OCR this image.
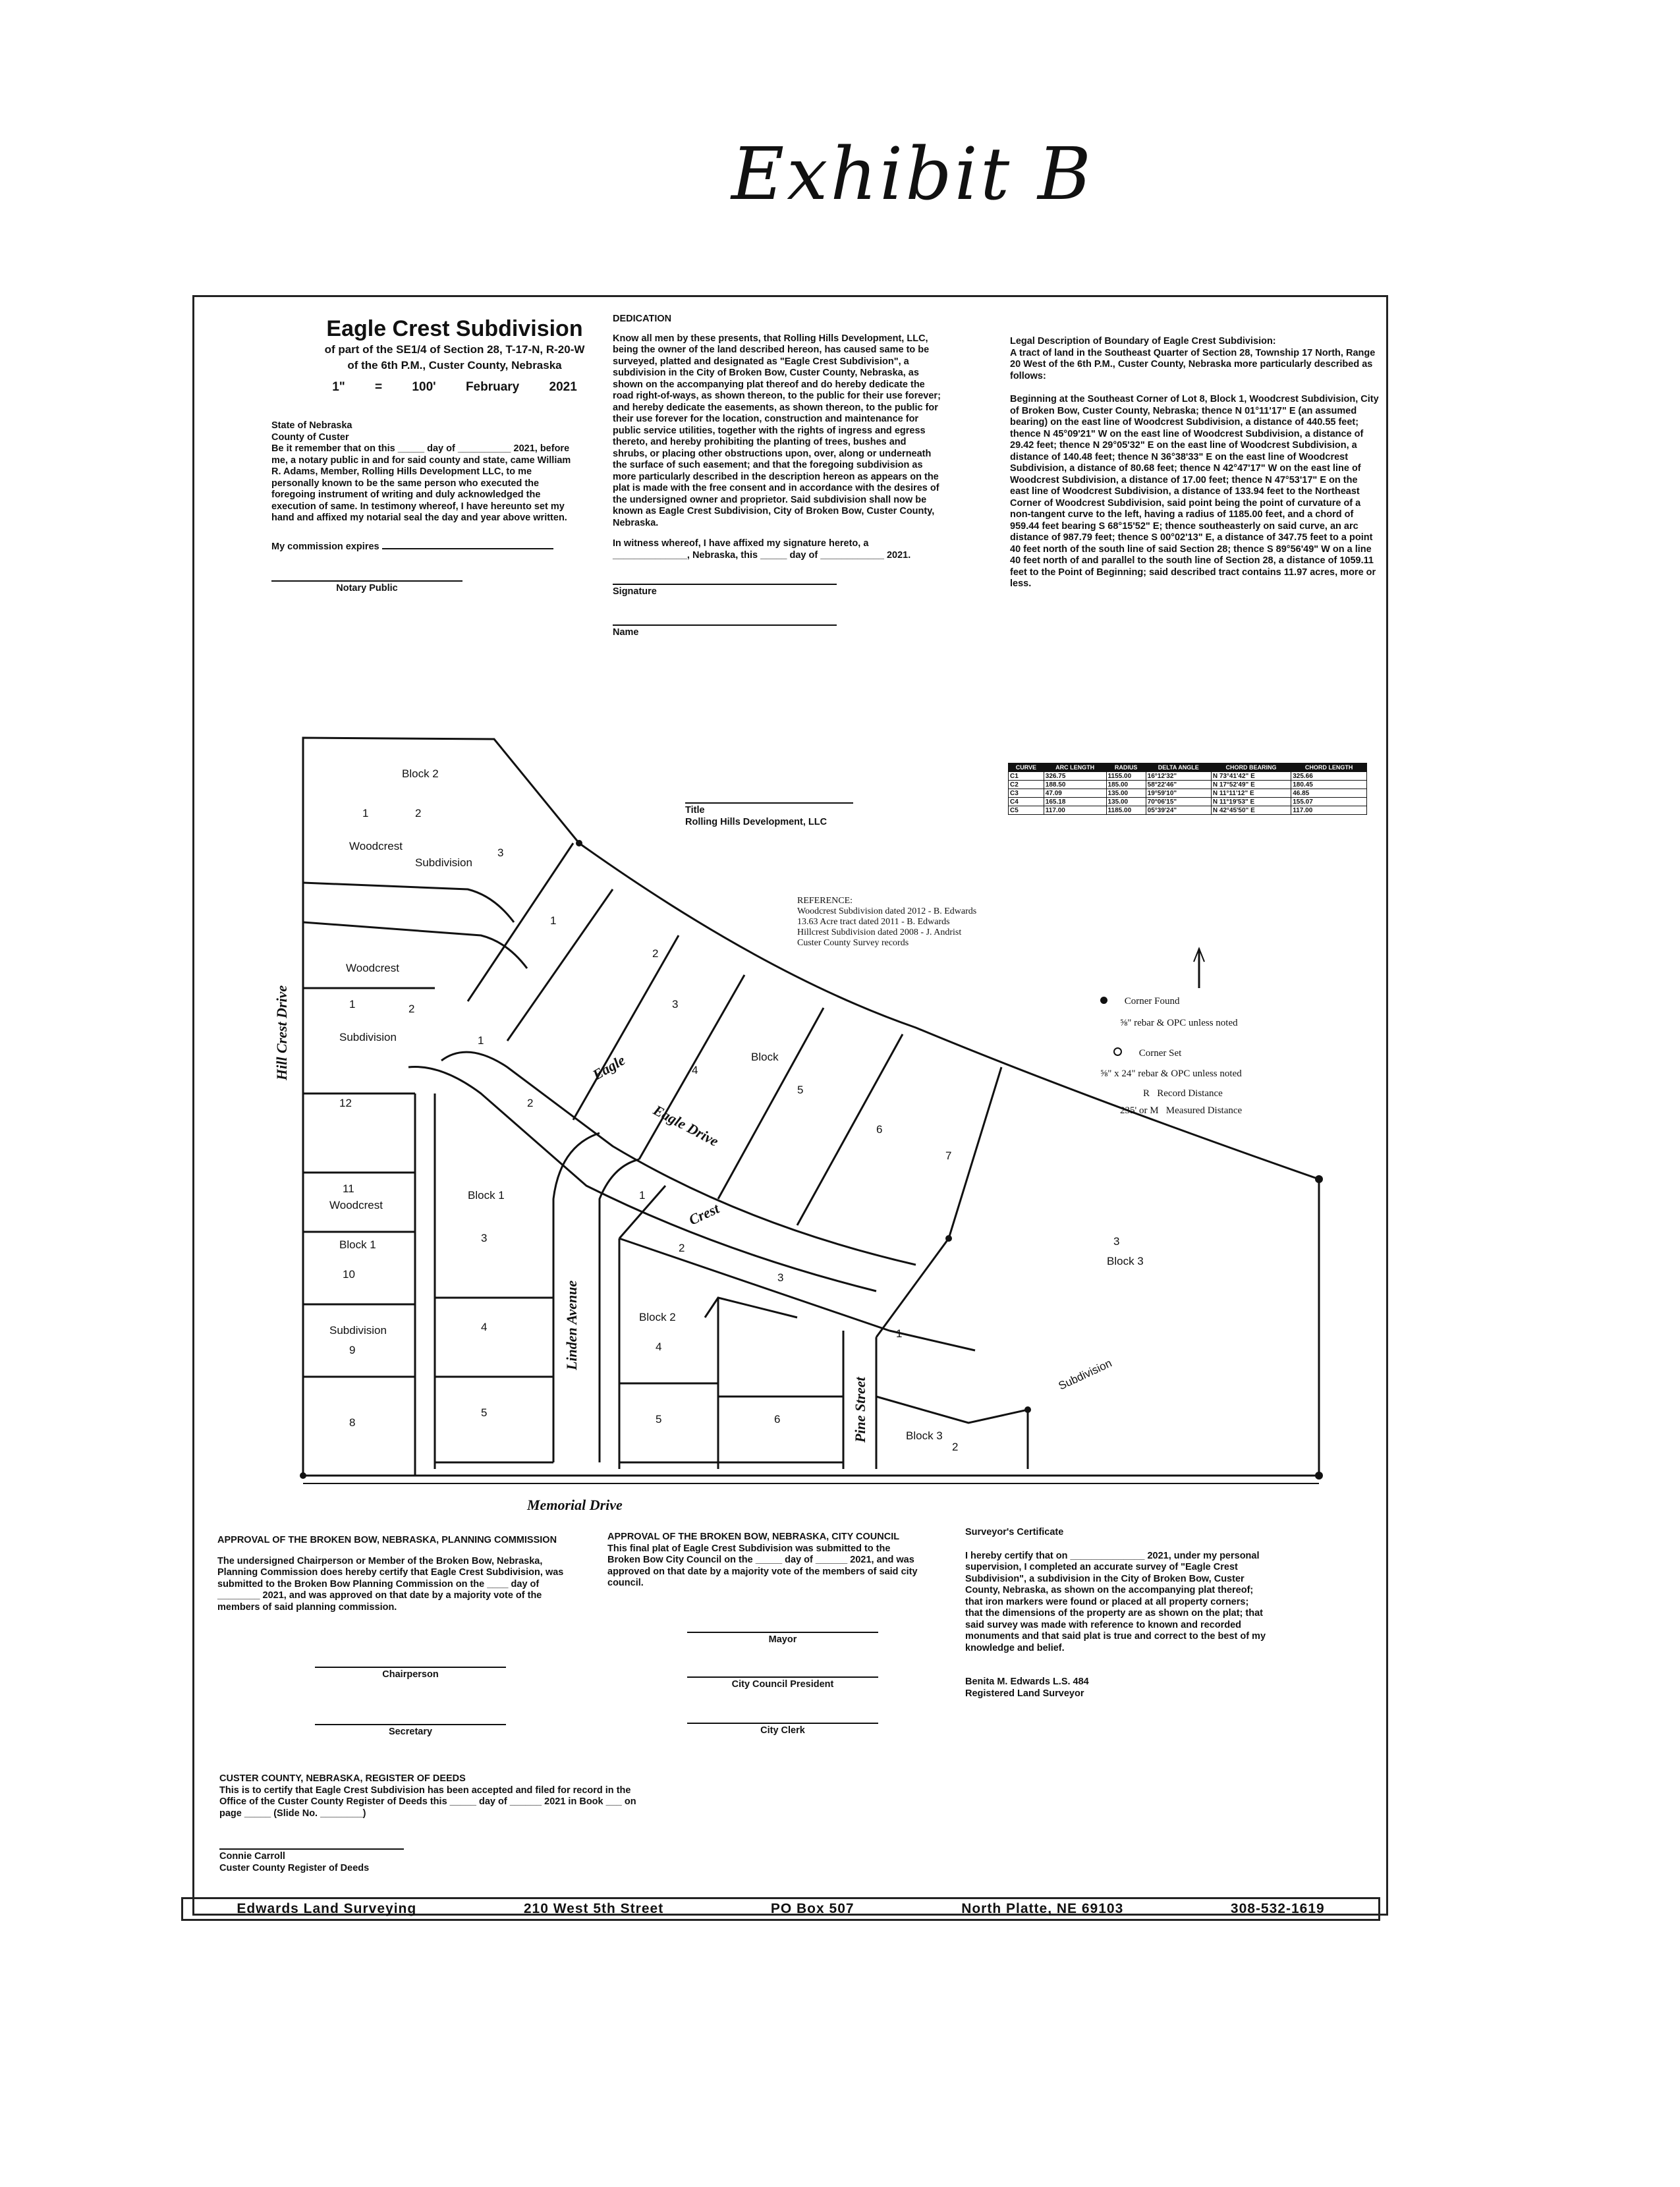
Exhibit B
Eagle Crest Subdivision
of part of the SE1/4 of Section 28, T-17-N, R-20-W
of the 6th P.M., Custer County, Nebraska
1" = 100' February 2021
State of Nebraska
County of Custer
Be it remember that on this _____ day of __________ 2021, before me, a notary public in and for said county and state, came William R. Adams, Member, Rolling Hills Development LLC, to me personally known to be the same person who executed the foregoing instrument of writing and duly acknowledged the execution of same. In testimony whereof, I have hereunto set my hand and affixed my notarial seal the day and year above written.
My commission expires
Notary Public
DEDICATION
Know all men by these presents, that Rolling Hills Development, LLC, being the owner of the land described hereon, has caused same to be surveyed, platted and designated as "Eagle Crest Subdivision", a subdivision in the City of Broken Bow, Custer County, Nebraska, as shown on the accompanying plat thereof and do hereby dedicate the road right-of-ways, as shown thereon, to the public for their use forever; and hereby dedicate the easements, as shown thereon, to the public for their use forever for the location, construction and maintenance for public service utilities, together with the rights of ingress and egress thereto, and hereby prohibiting the planting of trees, bushes and shrubs, or placing other obstructions upon, over, along or underneath the surface of such easement; and that the foregoing subdivision as more particularly described in the description hereon as appears on the plat is made with the free consent and in accordance with the desires of the undersigned owner and proprietor. Said subdivision shall now be known as Eagle Crest Subdivision, City of Broken Bow, Custer County, Nebraska.
In witness whereof, I have affixed my signature hereto, a ______________, Nebraska, this _____ day of ____________ 2021.
Signature
Name
Title
Rolling Hills Development, LLC
Legal Description of Boundary of Eagle Crest Subdivision:
A tract of land in the Southeast Quarter of Section 28, Township 17 North, Range 20 West of the 6th P.M., Custer County, Nebraska more particularly described as follows:
Beginning at the Southeast Corner of Lot 8, Block 1, Woodcrest Subdivision, City of Broken Bow, Custer County, Nebraska; thence N 01°11'17" E (an assumed bearing) on the east line of Woodcrest Subdivision, a distance of 440.55 feet; thence N 45°09'21" W on the east line of Woodcrest Subdivision, a distance of 29.42 feet; thence N 29°05'32" E on the east line of Woodcrest Subdivision, a distance of 140.48 feet; thence N 36°38'33" E on the east line of Woodcrest Subdivision, a distance of 80.68 feet; thence N 42°47'17" W on the east line of Woodcrest Subdivision, a distance of 17.00 feet; thence N 47°53'17" E on the east line of Woodcrest Subdivision, a distance of 133.94 feet to the Northeast Corner of Woodcrest Subdivision, said point being the point of curvature of a non-tangent curve to the left, having a radius of 1185.00 feet, and a chord of 959.44 feet bearing S 68°15'52" E; thence southeasterly on said curve, an arc distance of 987.79 feet; thence S 00°02'13" E, a distance of 347.75 feet to a point 40 feet north of the south line of said Section 28; thence S 89°56'49" W on a line 40 feet north of and parallel to the south line of Section 28, a distance of 1059.11 feet to the Point of Beginning; said described tract contains 11.97 acres, more or less.
CURVE	ARC LENGTH	RADIUS	DELTA ANGLE	CHORD BEARING	CHORD LENGTH
C1	326.75	1155.00	16°12'32"	N 73°41'42" E	325.66
C2	188.50	185.00	58°22'46"	N 17°52'49" E	180.45
C3	47.09	135.00	19°59'10"	N 11°11'12" E	46.85
C4	165.18	135.00	70°06'15"	N 11°19'53" E	155.07
C5	117.00	1185.00	05°39'24"	N 42°45'50" E	117.00
REFERENCE:
Woodcrest Subdivision dated 2012 - B. Edwards
13.63 Acre tract dated 2011 - B. Edwards
Hillcrest Subdivision dated 2008 - J. Andrist
Custer County Survey records
Hill Crest Drive	Eagle
Eagle Drive
Crest
Linden Avenue
Pine Street
Memorial Drive
Block 2
Woodcrest
Subdivision
Woodcrest
Subdivision
Woodcrest
Block 1
Subdivision
Block 1
Block
Block 2
Block 3
Block 3
Subdivision
1	2
3
1	2
1
2
3
4
5
6
7
1
2
3
4
5
1
2
3
4
5	6
1
2
3
12
11
10
9
8
Corner Found
⅝" rebar & OPC unless noted
Corner Set
⅝" x 24" rebar & OPC unless noted
R Record Distance
235' or M Measured Distance
APPROVAL OF THE BROKEN BOW, NEBRASKA, PLANNING COMMISSION
The undersigned Chairperson or Member of the Broken Bow, Nebraska, Planning Commission does hereby certify that Eagle Crest Subdivision, was submitted to the Broken Bow Planning Commission on the ____ day of ________ 2021, and was approved on that date by a majority vote of the members of said planning commission.
Chairperson
Secretary
APPROVAL OF THE BROKEN BOW, NEBRASKA, CITY COUNCIL
This final plat of Eagle Crest Subdivision was submitted to the Broken Bow City Council on the _____ day of ______ 2021, and was approved on that date by a majority vote of the members of said city council.
Mayor
City Council President
City Clerk
Surveyor's Certificate
I hereby certify that on ______________ 2021, under my personal supervision, I completed an accurate survey of "Eagle Crest Subdivision", a subdivision in the City of Broken Bow, Custer County, Nebraska, as shown on the accompanying plat thereof; that iron markers were found or placed at all property corners; that the dimensions of the property are as shown on the plat; that said survey was made with reference to known and recorded monuments and that said plat is true and correct to the best of my knowledge and belief.
Benita M. Edwards L.S. 484
Registered Land Surveyor
CUSTER COUNTY, NEBRASKA, REGISTER OF DEEDS
This is to certify that Eagle Crest Subdivision has been accepted and filed for record in the Office of the Custer County Register of Deeds this _____ day of ______ 2021 in Book ___ on page _____ (Slide No. ________)
Connie Carroll
Custer County Register of Deeds
Edwards Land Surveying	210 West 5th Street	PO Box 507	North Platte, NE 69103	308-532-1619
